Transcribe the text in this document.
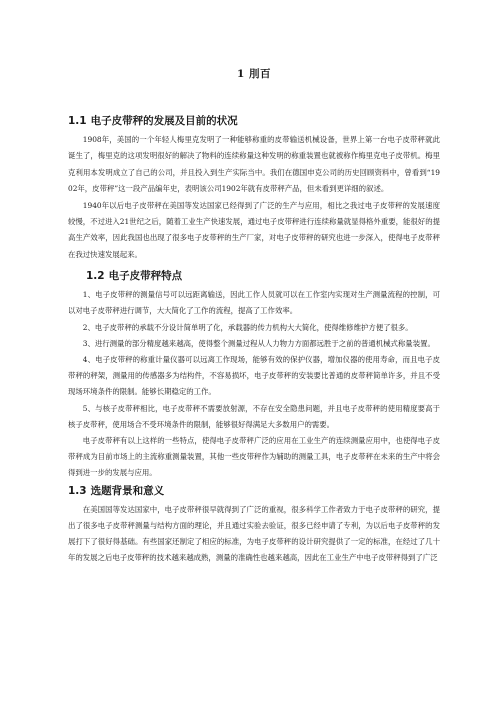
1 刖百
1.1 电子皮带秤的发展及目前的状况

1908年，美国的一个年轻人梅里克发明了一种能够称重的皮带输送机械设备，世界上第一台电子皮带秤就此诞生了，梅里克的这项发明很好的解决了物料的连续称量这种发明的称重装置也就被称作梅里克电子皮带机。梅里克利用本发明成立了自己的公司，并且投入到生产实际当中。我们在德国申克公司的历史回顾资料中，曾看到“1902年，皮带秤”这一段产品编年史，表明该公司1902年就有皮带秤产品，但未看到更详细的叙述。

1940年以后电子皮带秤在美国等发达国家已经得到了广泛的生产与应用，相比之我过电子皮带秤的发展速度较慢，不过进入21世纪之后，随着工业生产快速发展，通过电子皮带秤进行连续称量就显得格外重要，能很好的提高生产效率，因此我国也出现了很多电子皮带秤的生产厂家，对电子皮带秤的研究也进一步深入，使得电子皮带秤在我过快速发展起来。

1.2 电子皮带秤特点

1、电子皮带秤的测量信号可以远距离输送，因此工作人员就可以在工作室内实现对生产测量流程的控制，可以对电子皮带秤进行调节，大大简化了工作的流程，提高了工作效率。

2、电子皮带秤的承载不分设计简单明了化，承载器的传力机构大大简化，使得维修维护方便了很多。

3、进行测量的部分精度越来越高，使得整个测量过程从人力物力方面都远胜于之前的普通机械式称量装置。

4、电子皮带秤的称重计量仪器可以远离工作现场，能够有效的保护仪器，增加仪器的使用寿命，而且电子皮带秤的秤架，测量用的传感器多为结构件，不容易损坏，电子皮带秤的安装要比普通的皮带秤简单许多，并且不受现场环境条件的限制。能够长期稳定的工作。

5、与核子皮带秤相比，电子皮带秤不需要放射源，不存在安全隐患问题，并且电子皮带秤的使用精度要高于核子皮带秤，使用场合不受环境条件的限制，能够很好得满足大多数用户的需要。

电子皮带秤有以上这样的一些特点，使得电子皮带秤广泛的应用在工业生产的连续测量应用中，也使得电子皮带秤成为目前市场上的主流称重测量装置，其他一些皮带秤作为辅助的测量工具，电子皮带秤在未来的生产中将会得到进一步的发展与应用。

1.3 选题背景和意义

在美国国等发达国家中，电子皮带秤很早就得到了广泛的重视，很多科学工作者致力于电子皮带秤的研究，提出了很多电子皮带秤测量与结构方面的理论，并且通过实验去验证，很多已经申请了专利，为以后电子皮带秤的发展打下了很好得基础。有些国家还制定了相应的标准，为电子皮带秤的设计研究提供了一定的标准，在经过了几十年的发展之后电子皮带秤的技术越来越成熟，测量的准确性也越来越高，因此在工业生产中电子皮带秤得到了广泛
